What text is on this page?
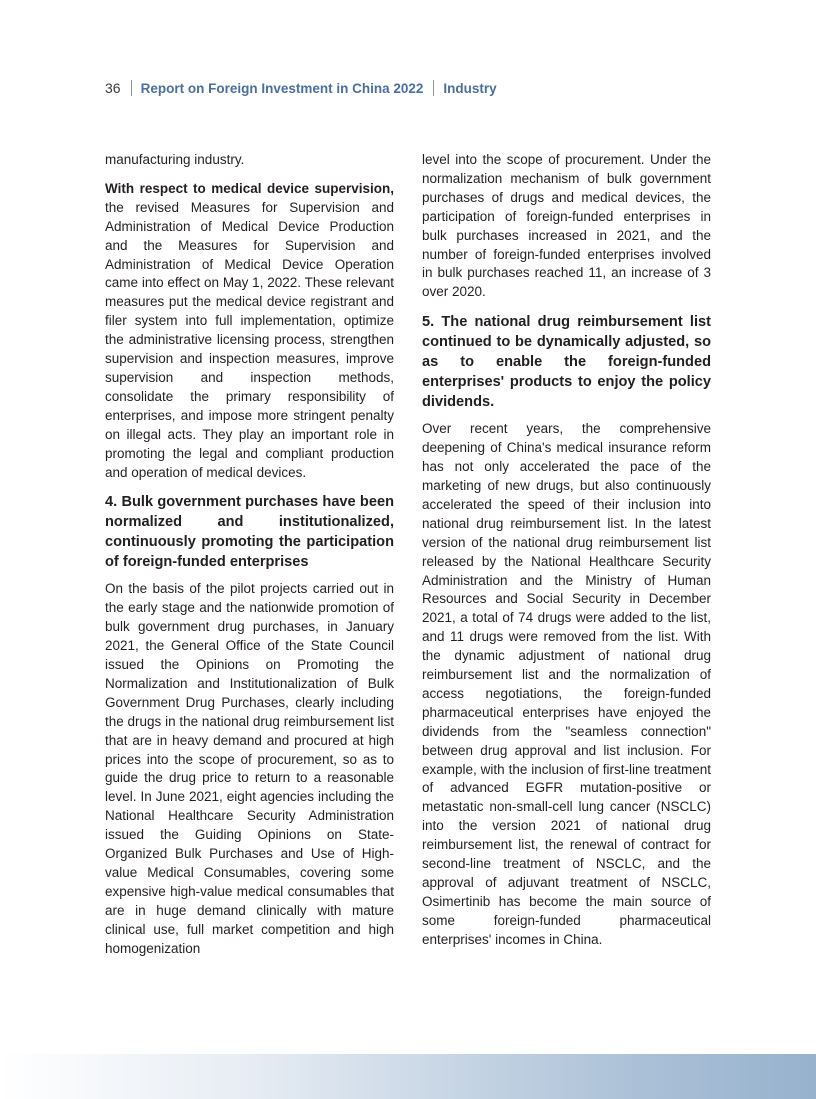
36 Report on Foreign Investment in China 2022 Industry

manufacturing industry.

With respect to medical device supervision, the revised Measures for Supervision and Administration of Medical Device Production and the Measures for Supervision and Administration of Medical Device Operation came into effect on May 1, 2022. These relevant measures put the medical device registrant and filer system into full implementation, optimize the administrative licensing process, strengthen supervision and inspection measures, improve supervision and inspection methods, consolidate the primary responsibility of enterprises, and impose more stringent penalty on illegal acts. They play an important role in promoting the legal and compliant production and operation of medical devices.

4. Bulk government purchases have been normalized and institutionalized, continuously promoting the participation of foreign-funded enterprises

On the basis of the pilot projects carried out in the early stage and the nationwide promotion of bulk government drug purchases, in January 2021, the General Office of the State Council issued the Opinions on Promoting the Normalization and Institutionalization of Bulk Government Drug Purchases, clearly including the drugs in the national drug reimbursement list that are in heavy demand and procured at high prices into the scope of procurement, so as to guide the drug price to return to a reasonable level. In June 2021, eight agencies including the National Healthcare Security Administration issued the Guiding Opinions on State-Organized Bulk Purchases and Use of High-value Medical Consumables, covering some expensive high-value medical consumables that are in huge demand clinically with mature clinical use, full market competition and high homogenization

level into the scope of procurement. Under the normalization mechanism of bulk government purchases of drugs and medical devices, the participation of foreign-funded enterprises in bulk purchases increased in 2021, and the number of foreign-funded enterprises involved in bulk purchases reached 11, an increase of 3 over 2020.

5. The national drug reimbursement list continued to be dynamically adjusted, so as to enable the foreign-funded enterprises' products to enjoy the policy dividends.

Over recent years, the comprehensive deepening of China's medical insurance reform has not only accelerated the pace of the marketing of new drugs, but also continuously accelerated the speed of their inclusion into national drug reimbursement list. In the latest version of the national drug reimbursement list released by the National Healthcare Security Administration and the Ministry of Human Resources and Social Security in December 2021, a total of 74 drugs were added to the list, and 11 drugs were removed from the list. With the dynamic adjustment of national drug reimbursement list and the normalization of access negotiations, the foreign-funded pharmaceutical enterprises have enjoyed the dividends from the "seamless connection" between drug approval and list inclusion. For example, with the inclusion of first-line treatment of advanced EGFR mutation-positive or metastatic non-small-cell lung cancer (NSCLC) into the version 2021 of national drug reimbursement list, the renewal of contract for second-line treatment of NSCLC, and the approval of adjuvant treatment of NSCLC, Osimertinib has become the main source of some foreign-funded pharmaceutical enterprises' incomes in China.
